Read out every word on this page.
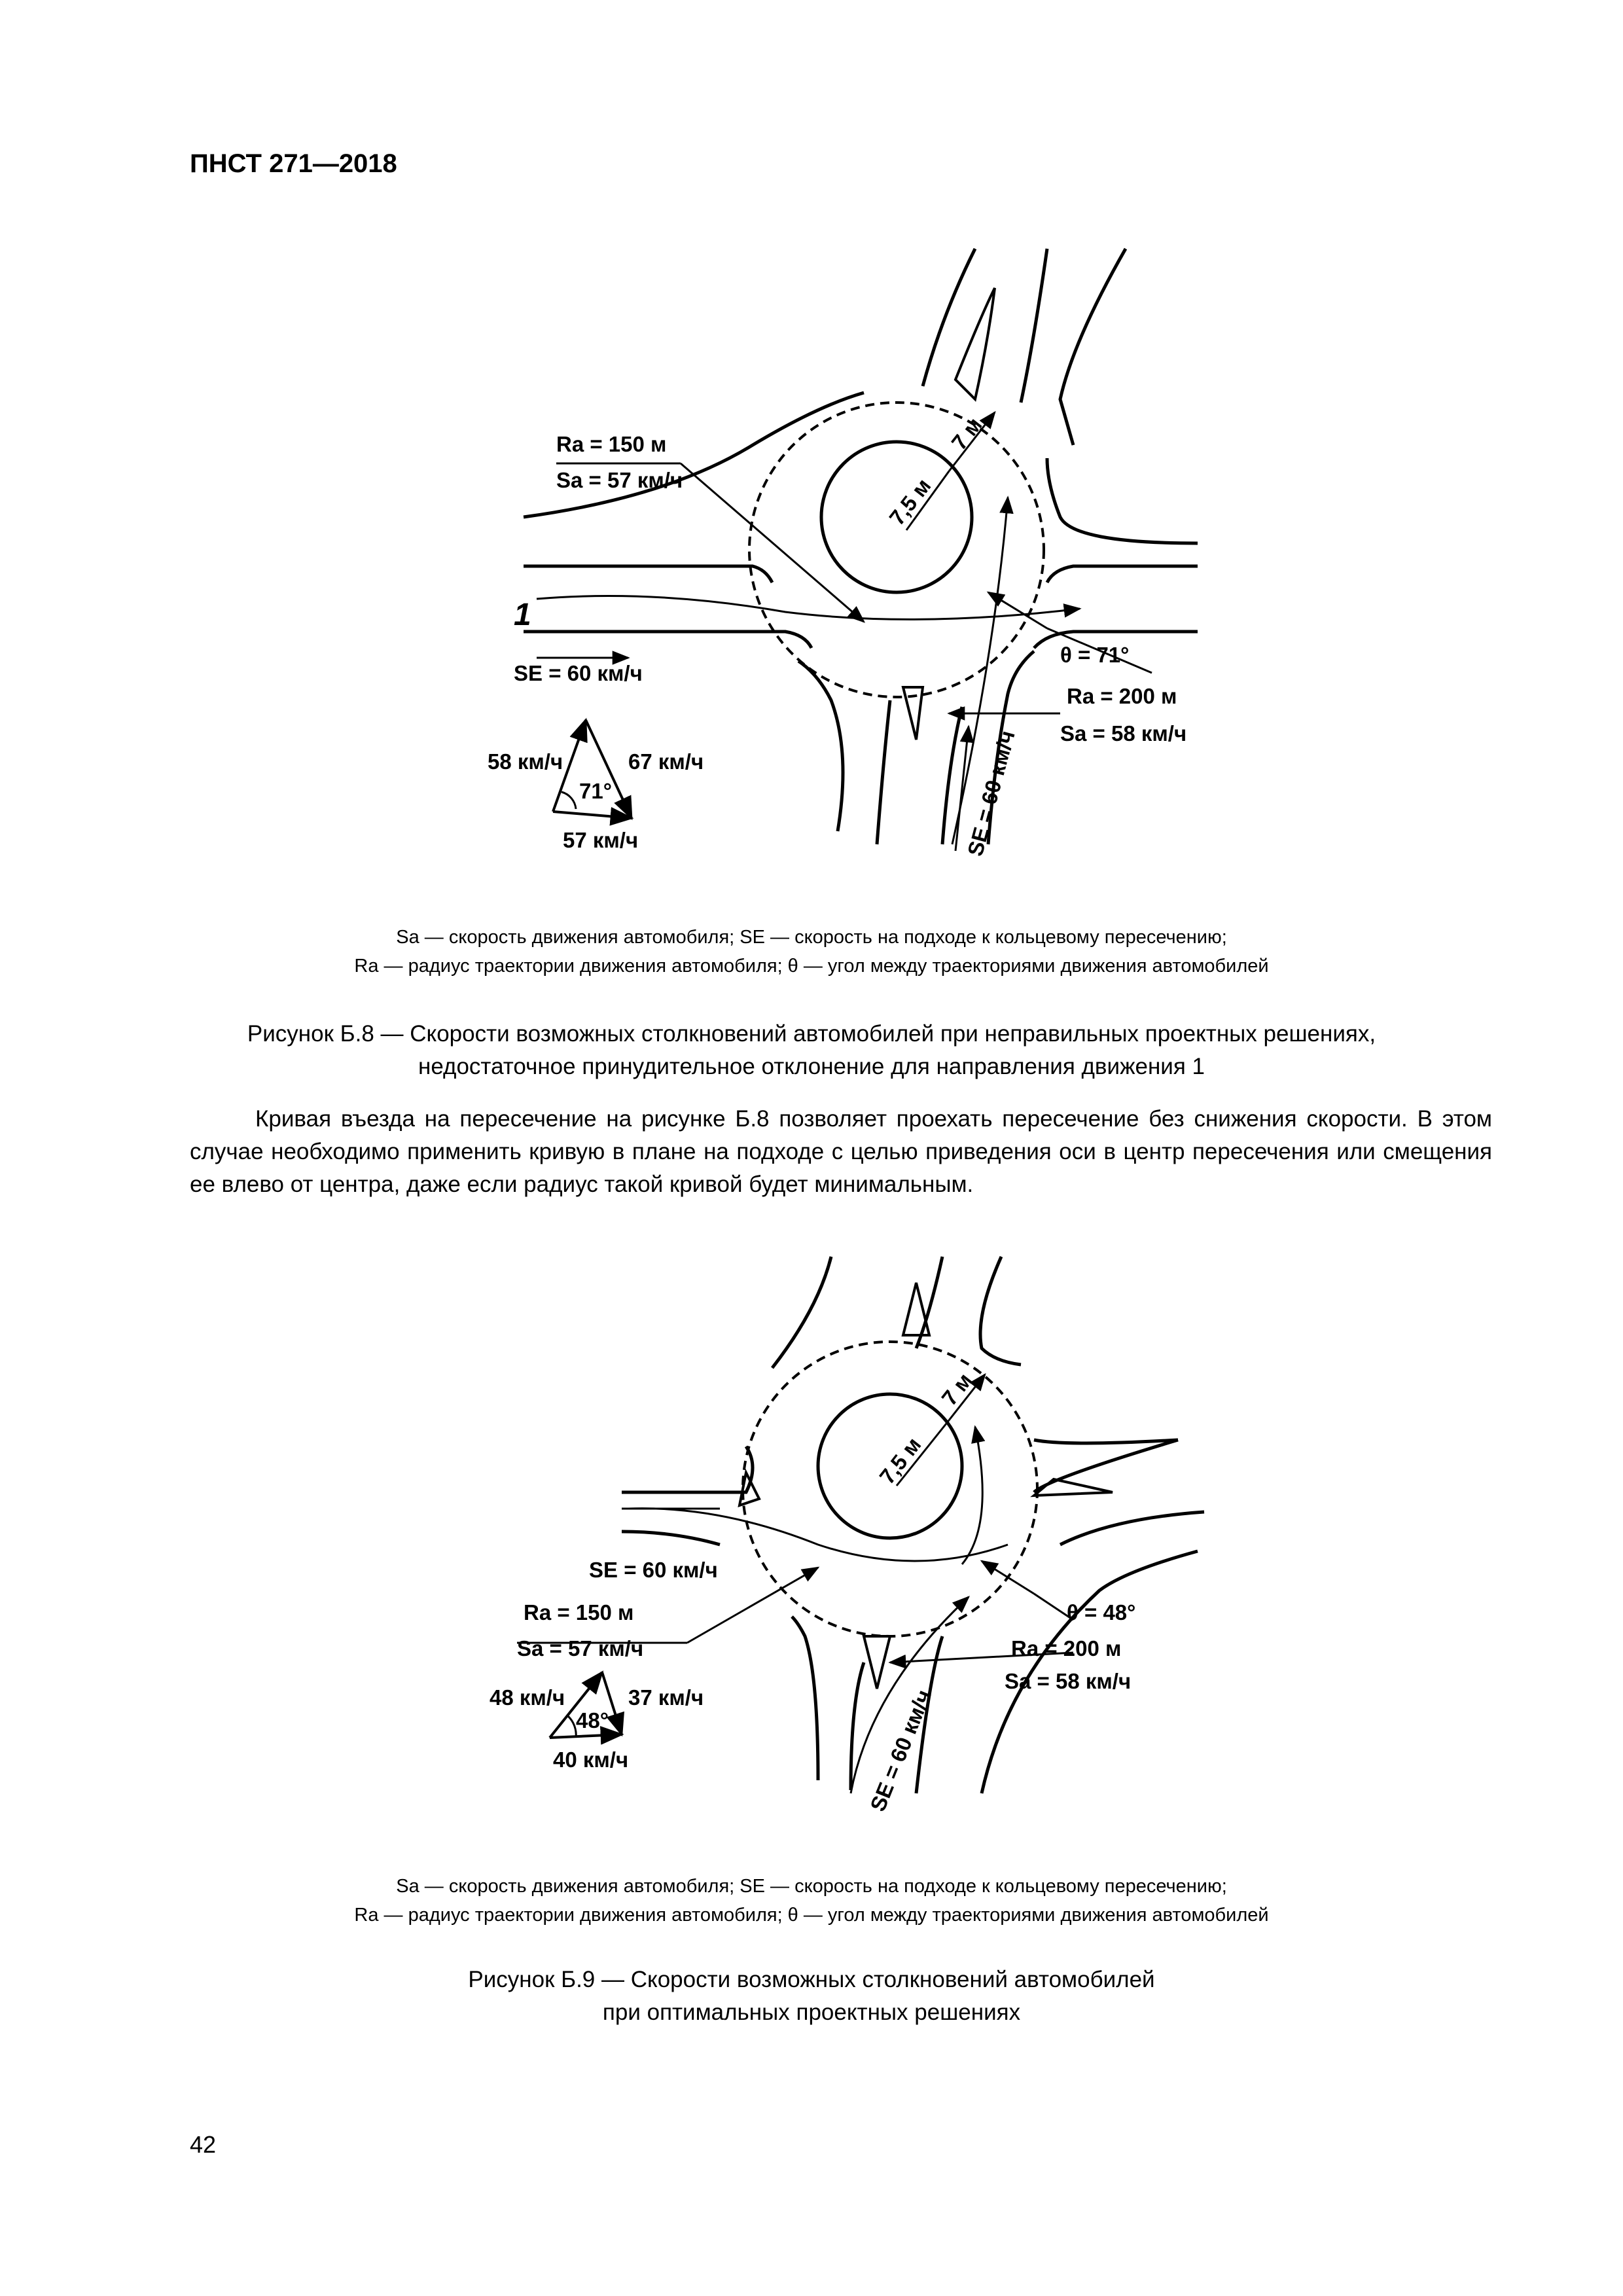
ПНСТ 271—2018
Ra = 150 м
Sa = 57 км/ч
1
SE = 60 км/ч
7,5 м
7 м
θ = 71°
Ra = 200 м
Sa = 58 км/ч
SE = 60 км/ч
58 км/ч	67 км/ч
71°
57 км/ч
Sa — скорость движения автомобиля; SE — скорость на подходе к кольцевому пересечению;
Ra — радиус траектории движения автомобиля; θ — угол между траекториями движения автомобилей
Рисунок Б.8 — Скорости возможных столкновений автомобилей при неправильных проектных решениях,
недостаточное принудительное отклонение для направления движения 1
Кривая въезда на пересечение на рисунке Б.8 позволяет проехать пересечение без снижения скорости. В этом случае необходимо применить кривую в плане на подходе с целью приведения оси в центр пересечения или смещения ее влево от центра, даже если радиус такой кривой будет минимальным.
7,5 м
7 м
SE = 60 км/ч
Ra = 150 м
Sa = 57 км/ч
θ = 48°
Ra = 200 м
Sa = 58 км/ч
SE = 60 км/ч
48 км/ч	37 км/ч
48°
40 км/ч
Sa — скорость движения автомобиля; SE — скорость на подходе к кольцевому пересечению;
Ra — радиус траектории движения автомобиля; θ — угол между траекториями движения автомобилей
Рисунок Б.9 — Скорости возможных столкновений автомобилей
при оптимальных проектных решениях
42
